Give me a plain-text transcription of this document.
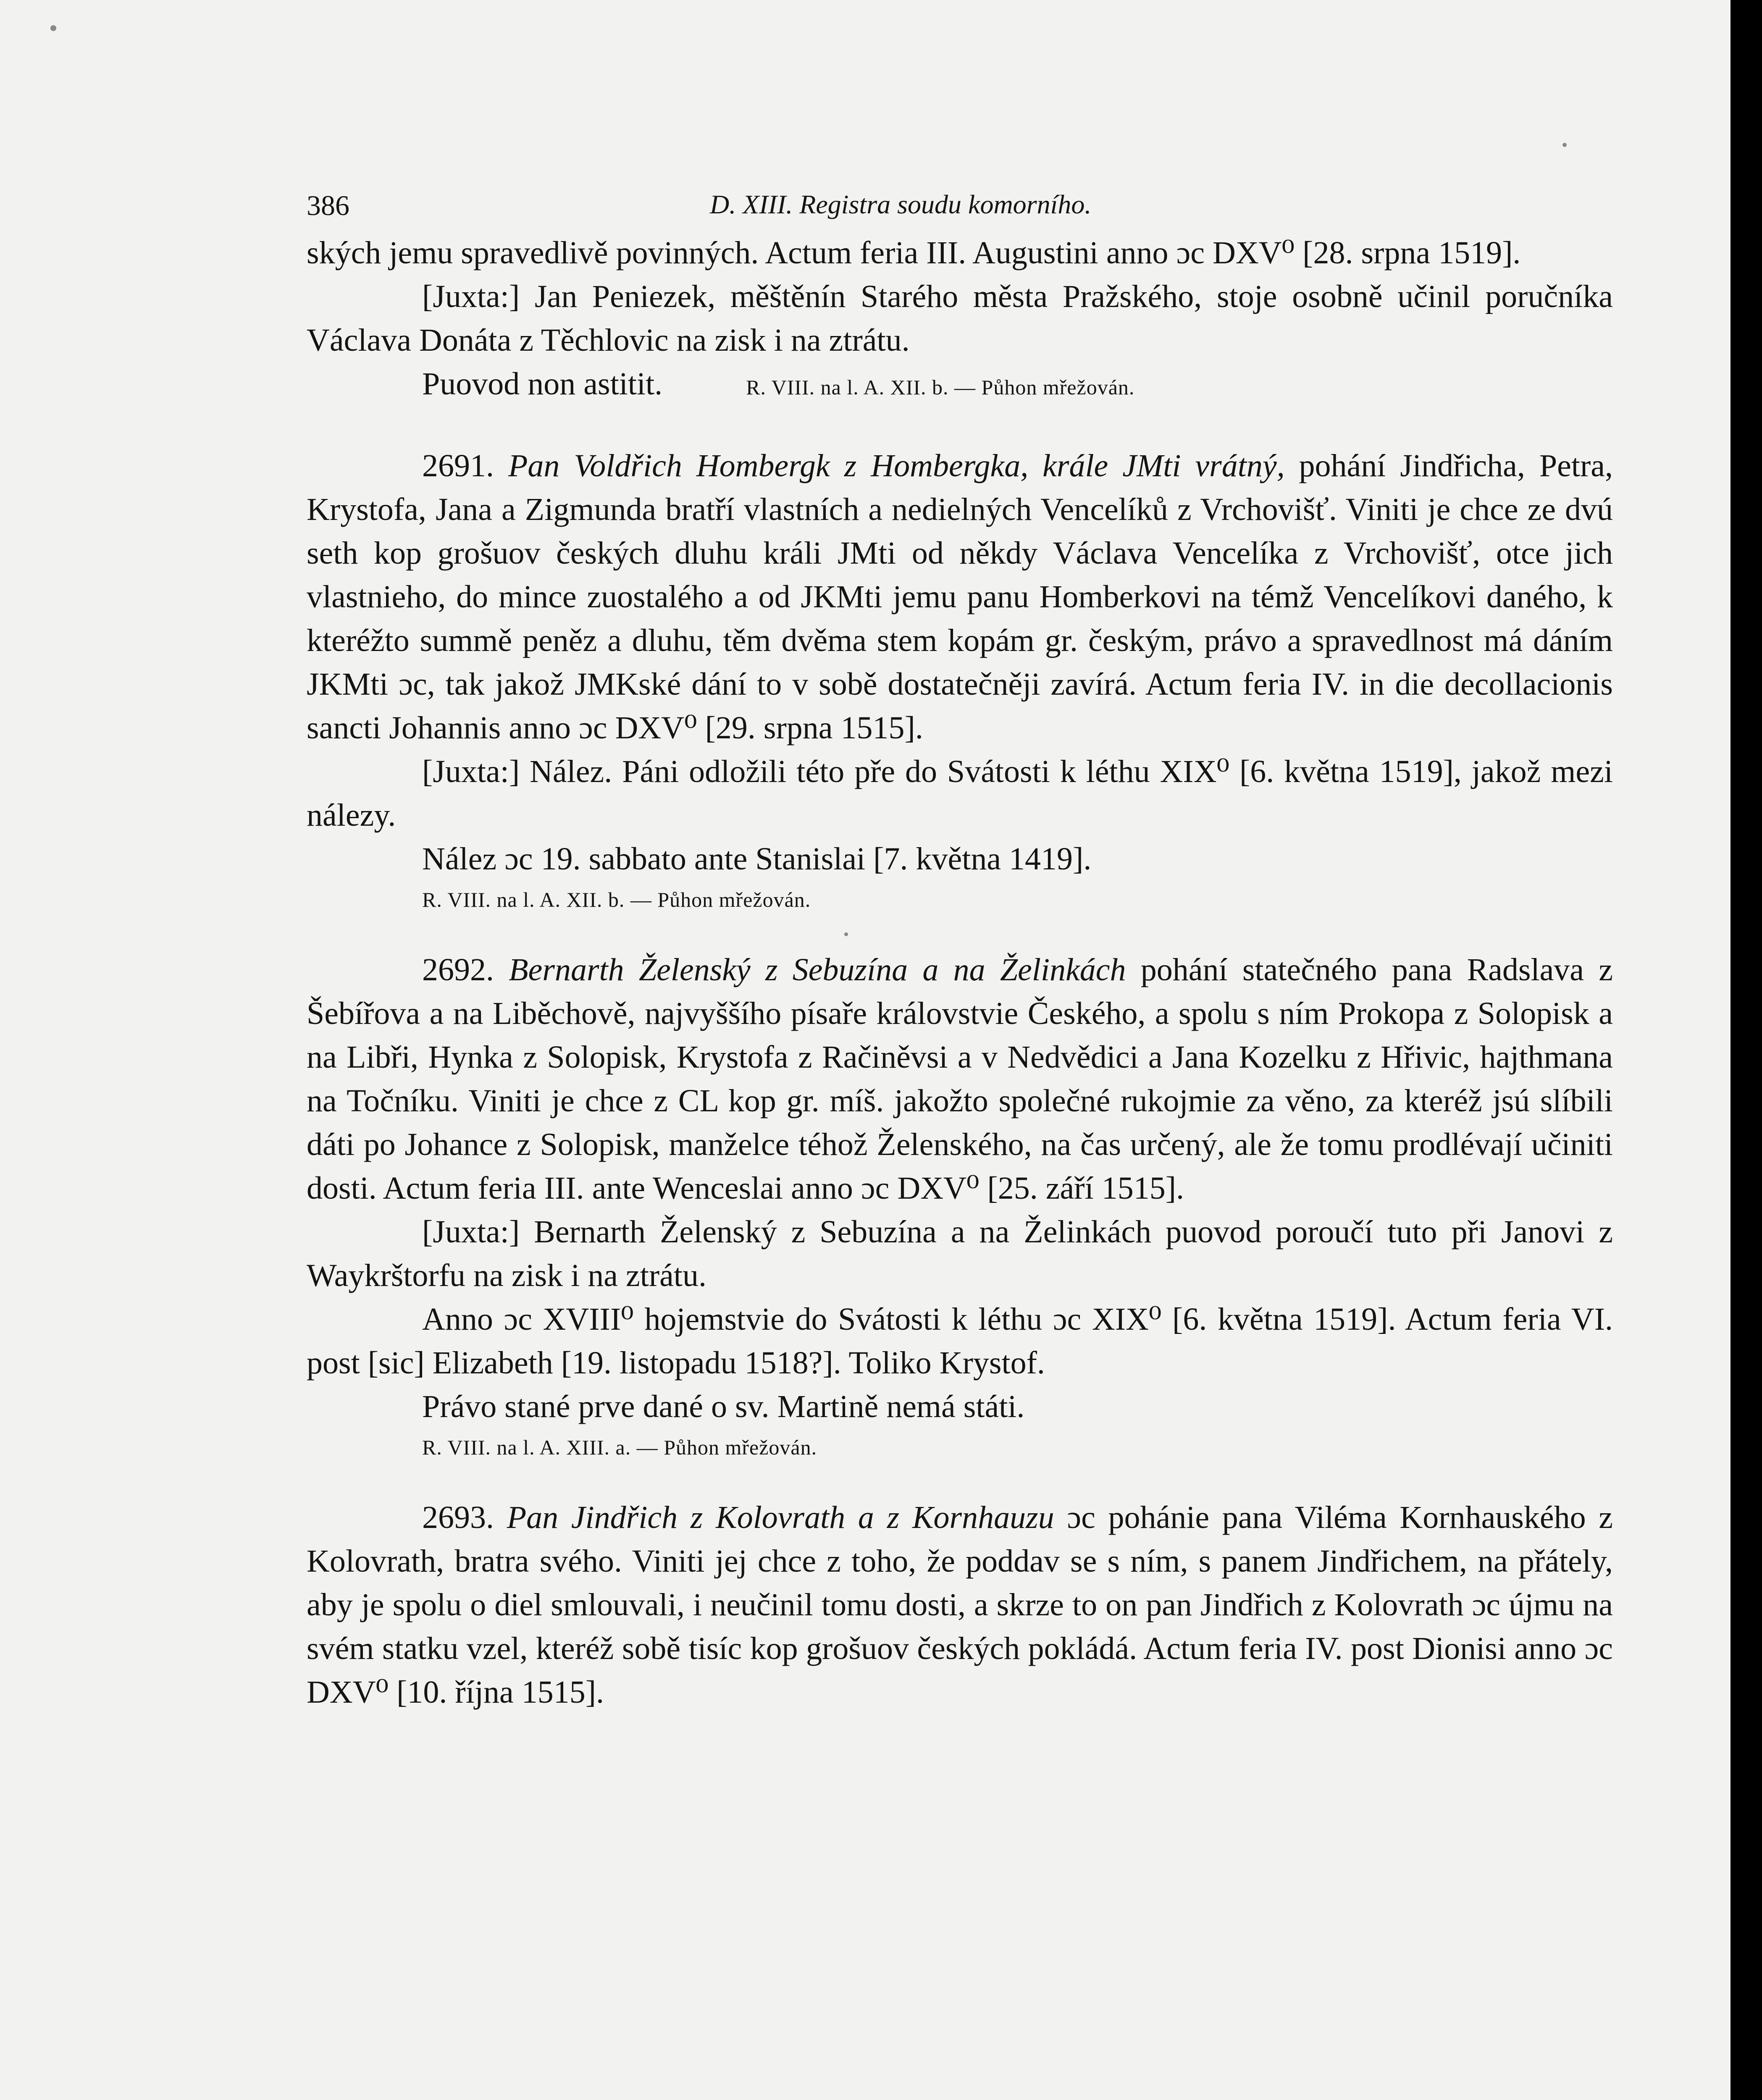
386	D. XIII. Registra soudu komorního.

ských jemu spravedlivě povinných. Actum feria III. Augustini anno ɔc DXV⁰ [28. srpna 1519].

[Juxta:] Jan Peniezek, měštěnín Starého města Pražského, stoje osobně učinil poručníka Václava Donáta z Těchlovic na zisk i na ztrátu.

Puovod non astitit.	R. VIII. na l. A. XII. b. — Půhon mřežován.

2691. Pan Voldřich Hombergk z Hombergka, krále JMti vrátný, pohání Jindřicha, Petra, Krystofa, Jana a Zigmunda bratří vlastních a nedielných Vencelíků z Vrchovišť. Viniti je chce ze dvú seth kop grošuov českých dluhu králi JMti od někdy Václava Vencelíka z Vrchovišť, otce jich vlastnieho, do mince zuostalého a od JKMti jemu panu Homberkovi na témž Vencelíkovi daného, k kteréžto summě peněz a dluhu, těm dvěma stem kopám gr. českým, právo a spravedlnost má dáním JKMti ɔc, tak jakož JMKské dání to v sobě dostatečněji zavírá. Actum feria IV. in die decollacionis sancti Johannis anno ɔc DXV⁰ [29. srpna 1515].

[Juxta:] Nález. Páni odložili této pře do Svátosti k léthu XIX⁰ [6. května 1519], jakož mezi nálezy.

Nález ɔc 19. sabbato ante Stanislai [7. května 1419].

R. VIII. na l. A. XII. b. — Půhon mřežován.

2692. Bernarth Želenský z Sebuzína a na Želinkách pohání statečného pana Radslava z Šebířova a na Liběchově, najvyššího písaře královstvie Českého, a spolu s ním Prokopa z Solopisk a na Libři, Hynka z Solopisk, Krystofa z Račiněvsi a v Nedvědici a Jana Kozelku z Hřivic, hajthmana na Točníku. Viniti je chce z CL kop gr. míš. jakožto společné rukojmie za věno, za kteréž jsú slíbili dáti po Johance z Solopisk, manželce téhož Želenského, na čas určený, ale že tomu prodlévají učiniti dosti. Actum feria III. ante Wenceslai anno ɔc DXV⁰ [25. září 1515].

[Juxta:] Bernarth Želenský z Sebuzína a na Želinkách puovod poroučí tuto při Janovi z Waykrštorfu na zisk i na ztrátu.

Anno ɔc XVIII⁰ hojemstvie do Svátosti k léthu ɔc XIX⁰ [6. května 1519]. Actum feria VI. post [sic] Elizabeth [19. listopadu 1518?]. Toliko Krystof.

Právo stané prve dané o sv. Martině nemá státi.

R. VIII. na l. A. XIII. a. — Půhon mřežován.

2693. Pan Jindřich z Kolovrath a z Kornhauzu ɔc pohánie pana Viléma Kornhauského z Kolovrath, bratra svého. Viniti jej chce z toho, že poddav se s ním, s panem Jindřichem, na přátely, aby je spolu o diel smlouvali, i neučinil tomu dosti, a skrze to on pan Jindřich z Kolovrath ɔc újmu na svém statku vzel, kteréž sobě tisíc kop grošuov českých pokládá. Actum feria IV. post Dionisi anno ɔc DXV⁰ [10. října 1515].
